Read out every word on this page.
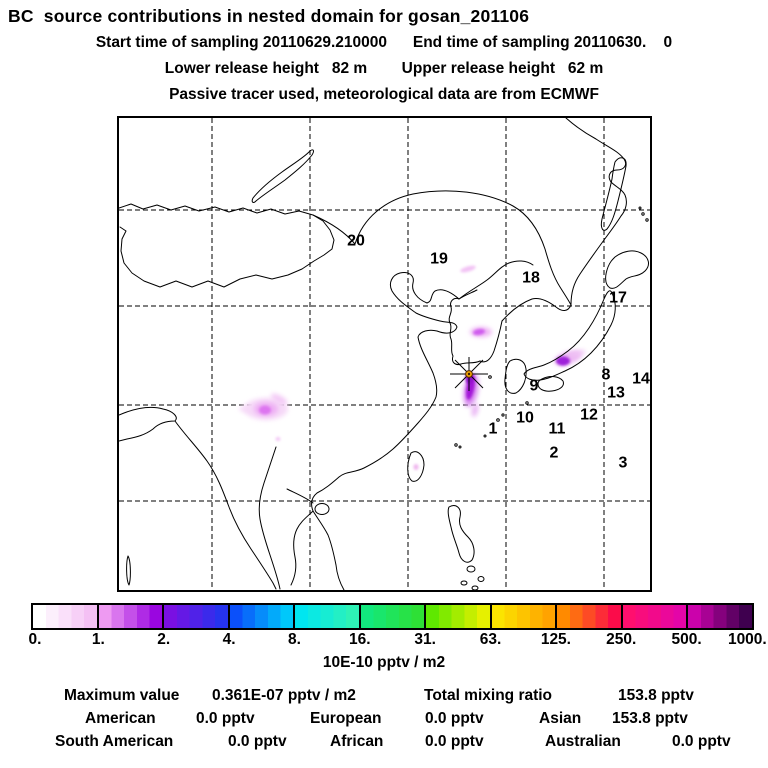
BC  source contributions in nested domain for gosan_201106
Start time of sampling 20110629.210000      End time of sampling 20110630.    0
Lower release height   82 m        Upper release height   62 m
Passive tracer used, meteorological data are from ECMWF
20
19
18
17
9
8 14
13
10
11
12
1
2
3
0.	1.	2.	4.	8.	16.	31.	63.	125. 250. 500. 1000.
10E-10 pptv / m2
Maximum value 0.361E-07 pptv / m2	Total mixing ratio	153.8 pptv
American	0.0 pptv	European	0.0 pptv	Asian 153.8 pptv
South American	0.0 pptv	African	0.0 pptv	Australian	0.0 pptv
